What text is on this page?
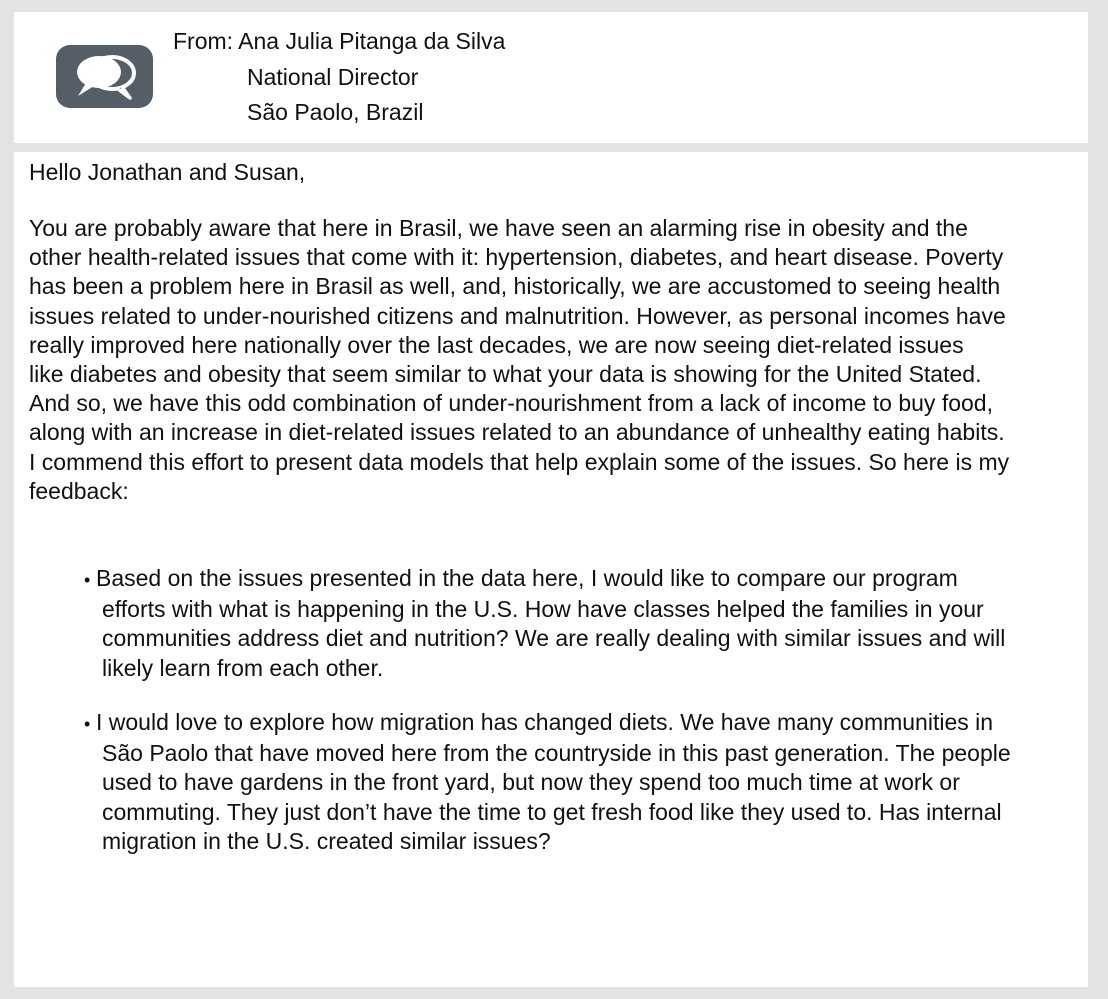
From: Ana Julia Pitanga da Silva
National Director
São Paolo, Brazil
Hello Jonathan and Susan,
You are probably aware that here in Brasil, we have seen an alarming rise in obesity and the
other health-related issues that come with it: hypertension, diabetes, and heart disease. Poverty
has been a problem here in Brasil as well, and, historically, we are accustomed to seeing health
issues related to under-nourished citizens and malnutrition. However, as personal incomes have
really improved here nationally over the last decades, we are now seeing diet-related issues
like diabetes and obesity that seem similar to what your data is showing for the United Stated.
And so, we have this odd combination of under-nourishment from a lack of income to buy food,
along with an increase in diet-related issues related to an abundance of unhealthy eating habits.
I commend this effort to present data models that help explain some of the issues. So here is my
feedback:
• Based on the issues presented in the data here, I would like to compare our program
efforts with what is happening in the U.S. How have classes helped the families in your
communities address diet and nutrition? We are really dealing with similar issues and will
likely learn from each other.
• I would love to explore how migration has changed diets. We have many communities in
São Paolo that have moved here from the countryside in this past generation. The people
used to have gardens in the front yard, but now they spend too much time at work or
commuting. They just don’t have the time to get fresh food like they used to. Has internal
migration in the U.S. created similar issues?
